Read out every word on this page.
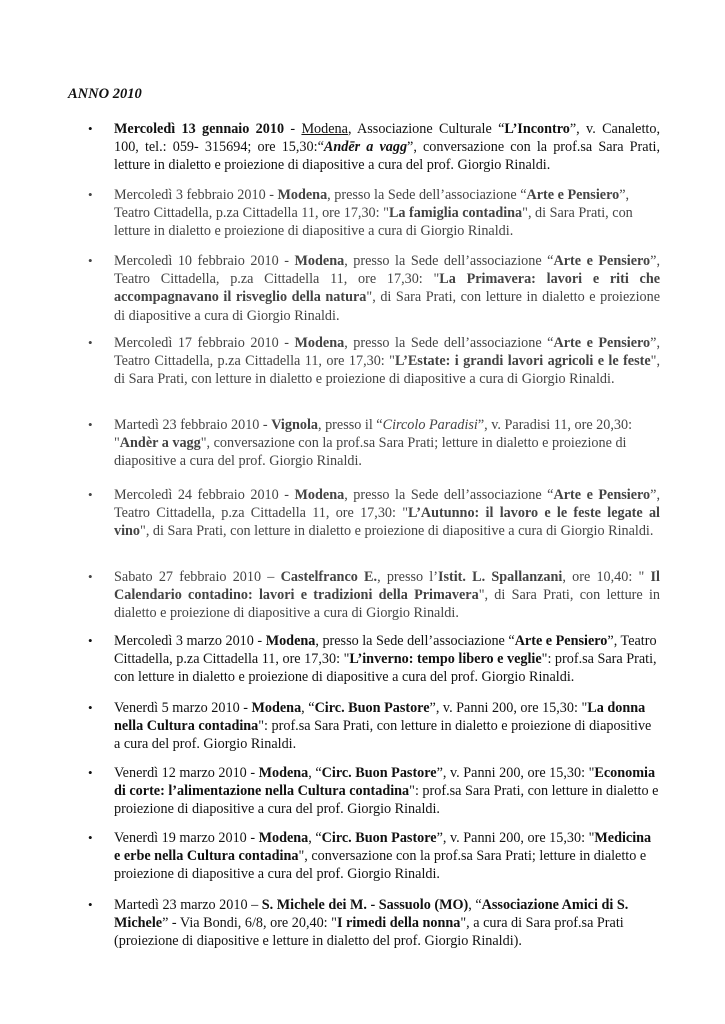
ANNO 2010
• Mercoledì 13 gennaio 2010 - Modena, Associazione Culturale “L’Incontro”, v. Canaletto, 100, tel.: 059- 315694; ore 15,30:“Andēr a vagg”, conversazione con la prof.sa Sara Prati, letture in dialetto e proiezione di diapositive a cura del prof. Giorgio Rinaldi.
• Mercoledì 3 febbraio 2010 - Modena, presso la Sede dell’associazione “Arte e Pensiero”, Teatro Cittadella, p.za Cittadella 11, ore 17,30: "La famiglia contadina", di Sara Prati, con letture in dialetto e proiezione di diapositive a cura di Giorgio Rinaldi.
• Mercoledì 10 febbraio 2010 - Modena, presso la Sede dell’associazione “Arte e Pensiero”, Teatro Cittadella, p.za Cittadella 11, ore 17,30: "La Primavera: lavori e riti che accompagnavano il risveglio della natura", di Sara Prati, con letture in dialetto e proiezione di diapositive a cura di Giorgio Rinaldi.
• Mercoledì 17 febbraio 2010 - Modena, presso la Sede dell’associazione “Arte e Pensiero”, Teatro Cittadella, p.za Cittadella 11, ore 17,30: "L’Estate: i grandi lavori agricoli e le feste", di Sara Prati, con letture in dialetto e proiezione di diapositive a cura di Giorgio Rinaldi.
• Martedì 23 febbraio 2010 - Vignola, presso il “Circolo Paradisi”, v. Paradisi 11, ore 20,30: "Andèr a vagg", conversazione con la prof.sa Sara Prati; letture in dialetto e proiezione di diapositive a cura del prof. Giorgio Rinaldi.
• Mercoledì 24 febbraio 2010 - Modena, presso la Sede dell’associazione “Arte e Pensiero”, Teatro Cittadella, p.za Cittadella 11, ore 17,30: "L’Autunno: il lavoro e le feste legate al vino", di Sara Prati, con letture in dialetto e proiezione di diapositive a cura di Giorgio Rinaldi.
• Sabato 27 febbraio 2010 – Castelfranco E., presso l’Istit. L. Spallanzani, ore 10,40: " Il Calendario contadino: lavori e tradizioni della Primavera", di Sara Prati, con letture in dialetto e proiezione di diapositive a cura di Giorgio Rinaldi.
• Mercoledì 3 marzo 2010 - Modena, presso la Sede dell’associazione “Arte e Pensiero”, Teatro Cittadella, p.za Cittadella 11, ore 17,30: "L’inverno: tempo libero e veglie": prof.sa Sara Prati, con letture in dialetto e proiezione di diapositive a cura del prof. Giorgio Rinaldi.
• Venerdì 5 marzo 2010 - Modena, “Circ. Buon Pastore”, v. Panni 200, ore 15,30: "La donna nella Cultura contadina": prof.sa Sara Prati, con letture in dialetto e proiezione di diapositive a cura del prof. Giorgio Rinaldi.
• Venerdì 12 marzo 2010 - Modena, “Circ. Buon Pastore”, v. Panni 200, ore 15,30: "Economia di corte: l’alimentazione nella Cultura contadina": prof.sa Sara Prati, con letture in dialetto e proiezione di diapositive a cura del prof. Giorgio Rinaldi.
• Venerdì 19 marzo 2010 - Modena, “Circ. Buon Pastore”, v. Panni 200, ore 15,30: "Medicina e erbe nella Cultura contadina", conversazione con la prof.sa Sara Prati; letture in dialetto e proiezione di diapositive a cura del prof. Giorgio Rinaldi.
• Martedì 23 marzo 2010 – S. Michele dei M. - Sassuolo (MO), “Associazione Amici di S. Michele” - Via Bondi, 6/8, ore 20,40: "I rimedi della nonna", a cura di Sara prof.sa Prati (proiezione di diapositive e letture in dialetto del prof. Giorgio Rinaldi).
